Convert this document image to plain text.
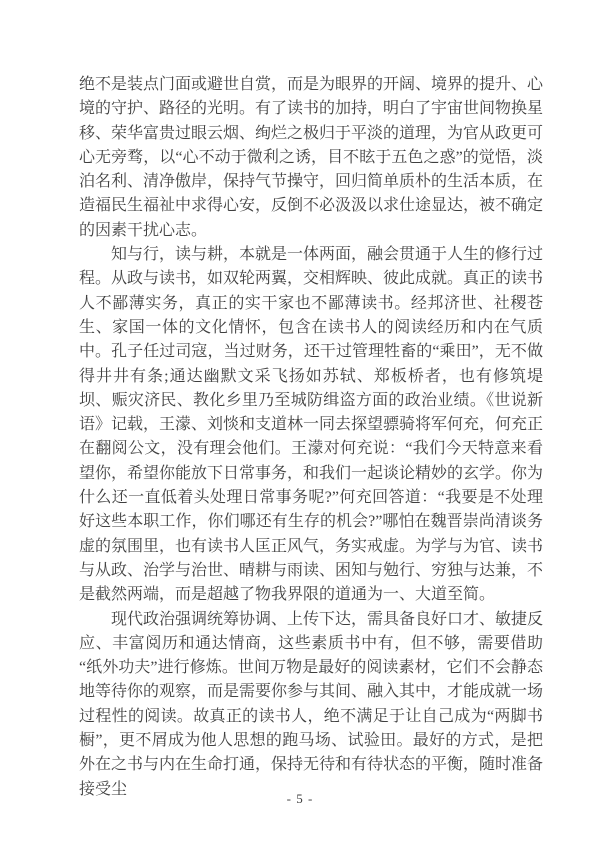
绝不是装点门面或避世自赏，而是为眼界的开阔、境界的提升、心境的守护、路径的光明。有了读书的加持，明白了宇宙世间物换星移、荣华富贵过眼云烟、绚烂之极归于平淡的道理，为官从政更可心无旁骛，以“心不动于微利之诱，目不眩于五色之惑”的觉悟，淡泊名利、清净傲岸，保持气节操守，回归简单质朴的生活本质，在造福民生福祉中求得心安，反倒不必汲汲以求仕途显达，被不确定的因素干扰心志。

知与行，读与耕，本就是一体两面，融会贯通于人生的修行过程。从政与读书，如双轮两翼，交相辉映、彼此成就。真正的读书人不鄙薄实务，真正的实干家也不鄙薄读书。经邦济世、社稷苍生、家国一体的文化情怀，包含在读书人的阅读经历和内在气质中。孔子任过司寇，当过财务，还干过管理牲畜的“乘田”，无不做得井井有条;通达幽默文采飞扬如苏轼、郑板桥者，也有修筑堤坝、赈灾济民、教化乡里乃至城防缉盗方面的政治业绩。《世说新语》记载，王濛、刘惔和支道林一同去探望骠骑将军何充，何充正在翻阅公文，没有理会他们。王濛对何充说：“我们今天特意来看望你，希望你能放下日常事务，和我们一起谈论精妙的玄学。你为什么还一直低着头处理日常事务呢?”何充回答道：“我要是不处理好这些本职工作，你们哪还有生存的机会?”哪怕在魏晋崇尚清谈务虚的氛围里，也有读书人匡正风气，务实戒虚。为学与为官、读书与从政、治学与治世、晴耕与雨读、困知与勉行、穷独与达兼，不是截然两端，而是超越了物我界限的道通为一、大道至简。

现代政治强调统筹协调、上传下达，需具备良好口才、敏捷反应、丰富阅历和通达情商，这些素质书中有，但不够，需要借助“纸外功夫”进行修炼。世间万物是最好的阅读素材，它们不会静态地等待你的观察，而是需要你参与其间、融入其中，才能成就一场过程性的阅读。故真正的读书人，绝不满足于让自己成为“两脚书橱”，更不屑成为他人思想的跑马场、试验田。最好的方式，是把外在之书与内在生命打通，保持无待和有待状态的平衡，随时准备接受尘

- 5 -
